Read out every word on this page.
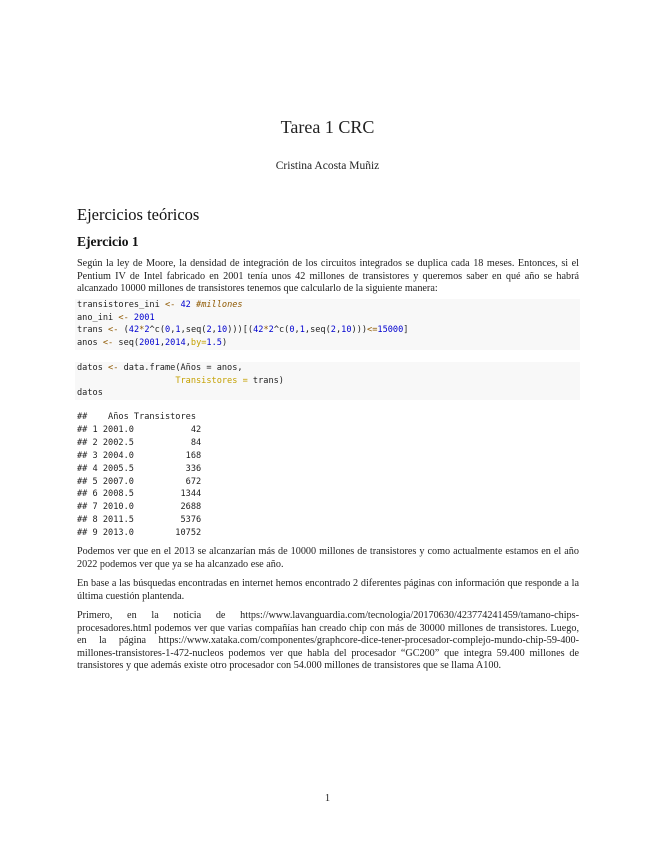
Tarea 1 CRC
Cristina Acosta Muñiz
Ejercicios teóricos
Ejercicio 1
Según la ley de Moore, la densidad de integración de los circuitos integrados se duplica cada 18 meses. Entonces, si el Pentium IV de Intel fabricado en 2001 tenía unos 42 millones de transistores y queremos saber en qué año se habrá alcanzado 10000 millones de transistores tenemos que calcularlo de la siguiente manera:
transistores_ini <- 42 #millones
ano_ini <- 2001
trans <- (42*2^c(0,1,seq(2,10)))[(42*2^c(0,1,seq(2,10)))<=15000]
anos <- seq(2001,2014,by=1.5)
datos <- data.frame(Años = anos,
Transistores = trans)
datos
##    Años Transistores
## 1 2001.0           42
## 2 2002.5           84
## 3 2004.0          168
## 4 2005.5          336
## 5 2007.0          672
## 6 2008.5         1344
## 7 2010.0         2688
## 8 2011.5         5376
## 9 2013.0        10752
Podemos ver que en el 2013 se alcanzarían más de 10000 millones de transistores y como actualmente estamos en el año 2022 podemos ver que ya se ha alcanzado ese año.
En base a las búsquedas encontradas en internet hemos encontrado 2 diferentes páginas con información que responde a la última cuestión plantenda.
Primero, en la noticia de https://www.lavanguardia.com/tecnologia/20170630/423774241459/tamano-chips-procesadores.html podemos ver que varias compañías han creado chip con más de 30000 millones de transistores. Luego, en la página https://www.xataka.com/componentes/graphcore-dice-tener-procesador-complejo-mundo-chip-59-400-millones-transistores-1-472-nucleos podemos ver que habla del procesador “GC200” que integra 59.400 millones de transistores y que además existe otro procesador con 54.000 millones de transistores que se llama A100.
1
